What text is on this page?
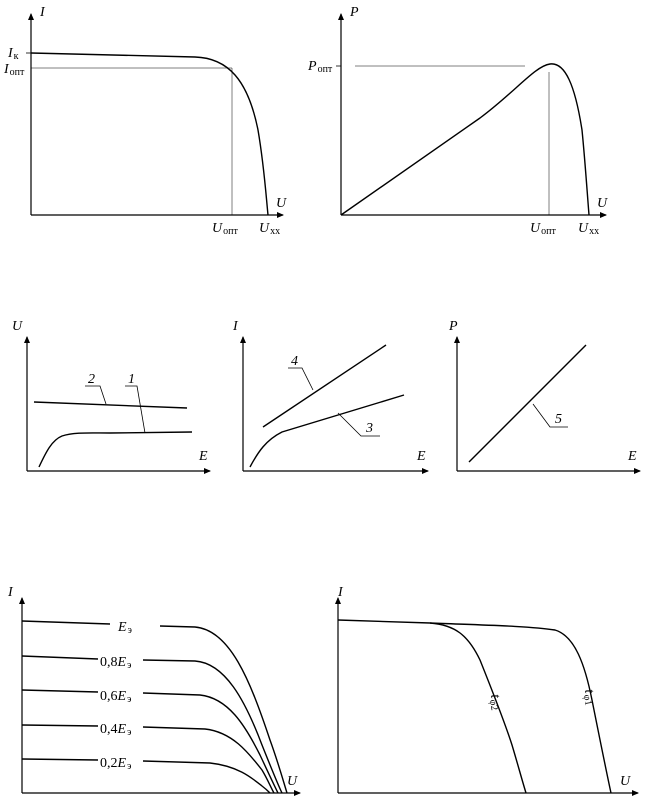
I
U
Iк
Iопт
Uопт Uxx
P
U
Pопт
Uопт Uxx
U
E
2 1
I
E
4
3
P
E
5
I
U
Eэ
0,8Eэ
0,6Eэ
0,4Eэ
0,2Eэ
I
U
tφ2
tφ1
